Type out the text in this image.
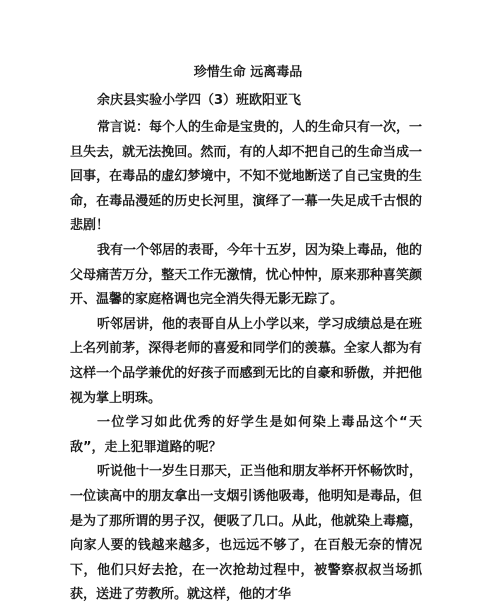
珍惜生命 远离毒品
余庆县实验小学四（3）班欧阳亚飞

常言说：每个人的生命是宝贵的，人的生命只有一次，一旦失去，就无法挽回。然而，有的人却不把自己的生命当成一回事，在毒品的虚幻梦境中，不知不觉地断送了自己宝贵的生命，在毒品漫延的历史长河里，演绎了一幕一失足成千古恨的悲剧！

我有一个邻居的表哥，今年十五岁，因为染上毒品，他的父母痛苦万分，整天工作无激情，忧心忡忡，原来那种喜笑颜开、温馨的家庭格调也完全消失得无影无踪了。

听邻居讲，他的表哥自从上小学以来，学习成绩总是在班上名列前茅，深得老师的喜爱和同学们的羡慕。全家人都为有这样一个品学兼优的好孩子而感到无比的自豪和骄傲，并把他视为掌上明珠。

一位学习如此优秀的好学生是如何染上毒品这个“天敌”，走上犯罪道路的呢？

听说他十一岁生日那天，正当他和朋友举杯开怀畅饮时，一位读高中的朋友拿出一支烟引诱他吸毒，他明知是毒品，但是为了那所谓的男子汉，便吸了几口。从此，他就染上毒瘾，向家人要的钱越来越多，也远远不够了，在百般无奈的情况下，他们只好去抢，在一次抢劫过程中，被警察叔叔当场抓获，送进了劳教所。就这样，他的才华
